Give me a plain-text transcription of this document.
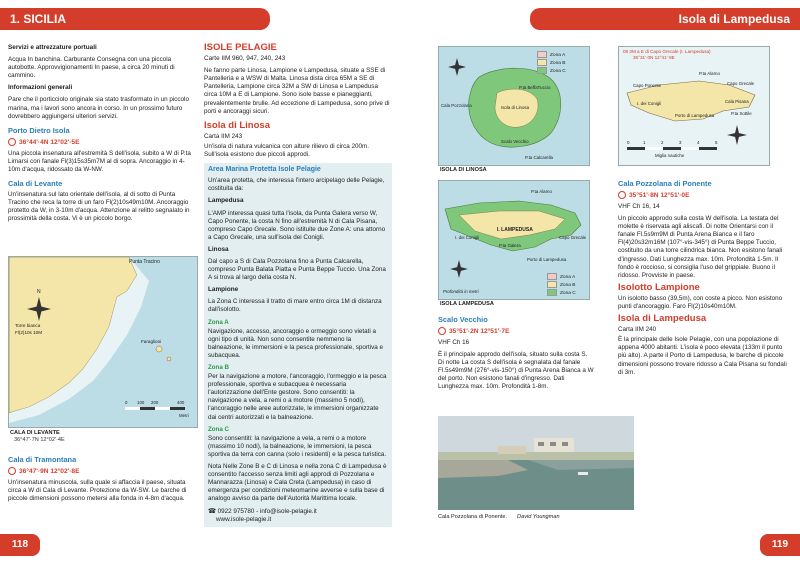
1. SICILIA

Servizi e attrezzature portuali

Acqua In banchina. Carburante Consegna con una piccola autobotte. Approvvigionamenti In paese, a circa 20 minuti di cammino.

Informazioni generali

Pare che il porticciolo originale sia stato trasformato in un piccolo marina, ma i lavori sono ancora in corso. In un prossimo futuro dovrebbero aggiungersi ulteriori servizi.

Porto Dietro Isola
36°44'·4N 12°02'·5E

Una piccola insenatura all'estremità S dell'isola, subito a W di P.ta Limarsi con fanale Fl(3)15s35m7M al di sopra. Ancoraggio in 4-10m d'acqua, ridossato da W-NW.

Cala di Levante

Un'insenatura sul lato orientale dell'isola, al di sotto di Punta Tracino che reca la torre di un faro Fl(2)10s49m10M. Ancoraggio protetto da W, in 3-10m d'acqua. Attenzione al relitto segnalato in prossimità della costa. Vi è un piccolo borgo.

N
Punta Tracino
Torre bianca
Fl(2)10s 10M
Faraglioni
0 100 200	400
Metri
CALA DI LEVANTE
36°47'·7N 12°02'·4E
Cala di Tramontana
36°47'·9N 12°02'·8E

Un'insenatura minuscola, sulla quale si affaccia il paese, situata circa a W di Cala di Levante. Protezione da W-SW. Le barche di piccole dimensioni possono metersi alla fonda in 4-8m d'acqua.

ISOLE PELAGIE

Carte IIM 960, 947, 240, 243

Ne fanno parte Linosa, Lampione e Lampedusa, situate a SSE di Pantelleria e a WSW di Malta. Linosa dista circa 65M a SE di Pantelleria, Lampione circa 32M a SW di Linosa e Lampedusa circa 10M a E di Lampione. Sono isole basse e pianeggianti, prevalentemente brulle. Ad eccezione di Lampedusa, sono prive di porti e ancoraggi sicuri.

Isola di Linosa

Carta IIM 243

Un'isola di natura vulcanica con alture rilievo di circa 200m. Sull'isola esistono due piccoli approdi.

Area Marina Protetta Isole Pelagie

Un'area protetta, che interessa l'intero arcipelago delle Pelagie, costituita da:

Lampedusa

L'AMP interessa quasi tutta l'isola, da Punta Galera verso W, Capo Ponente, la costa N fino all'estremità N di Cala Pisana, compreso Capo Grecale. Sono istituite due Zone A: una attorno a Capo Grecale, una sull'isola dei Conigli.

Linosa

Dal capo a S di Cala Pozzolana fino a Punta Calcarella, compreso Punta Balata Piatta e Punta Beppe Tuccio. Una Zona A si trova al largo della costa N.

Lampione

La Zona C interessa il tratto di mare entro circa 1M di distanza dall'isolotto.

Zona A

Navigazione, accesso, ancoraggio e ormeggio sono vietati a ogni tipo di unità. Non sono consentite nemmeno la balneazione, le immersioni e la pesca professionale, sportiva e subacquea.

Zona B

Per la navigazione a motore, l'ancoraggio, l'ormeggio e la pesca professionale, sportiva e subacquea è necessaria l'autorizzazione dell'Ente gestore. Sono consentiti: la navigazione a vela, a remi o a motore (massimo 5 nodi), l'ancoraggio nelle aree autorizzate, le immersioni organizzate dai centri autorizzati e la balneazione.

Zona C

Sono consentiti: la navigazione a vela, a remi o a motore (massimo 10 nodi), la balneazione, le immersioni, la pesca sportiva da terra con canna (solo i residenti) e la pesca turistica.

Nota Nelle Zone B e C di Linosa e nella zona C di Lampedusa è consentito l'accesso senza limiti agli approdi di Pozzolana e Mannarazza (Linosa) e Cala Creta (Lampedusa) in caso di emergenza per condizioni meteomarine avverse e sulla base di analogo avviso da parte dell'Autorità Marittima locale.

☎ 0922 975780 - info@isole-pelagie.it

www.isole-pelagie.it

118
Isola di Lampedusa
Zona A
Zona B
Zona C
Cala Pozzolana	Isola di Linosa
Scalo Vecchio
P.ta Calcarella
P.ta BeffaTuccio
ISOLA DI LINOSA
I. LAMPEDUSA
I. dei Conigli
P.ta Galera
Porto di Lampedusa
Capo Grecale
P.ta Alarno
Profondità in metri
Zona A
Zona B
Zona C
ISOLA LAMPEDUSA
Scalo Vecchio
35°51'·2N 12°51'·7E

VHF Ch 16

È il principale approdo dell'isola, situato sulla costa S. Di notte La costa S dell'isola è segnalata dal fanale Fl.5s49m9M (276°-vis-150°) di Punta Arena Bianca a W del porto. Non esistono fanali d'ingresso. Dati Lunghezza max. 10m. Profondità 1-8m.

08 3M a E di Capo Grecale (I. Lampedusa)
35°31'·0N 12°41'·8E
P.ta Alarno
Capo Grecale
Capo Ponente
I. dei Conigli
Porto di Lampedusa
Cala Pisana
P.ta Sottile
0	1	2	3	4	5
Miglia nautiche
Cala Pozzolana di Ponente
35°51'·8N 12°51'·0E

VHF Ch 16, 14

Un piccolo approdo sulla costa W dell'isola. La testata del molette è riservata agli aliscafi. Di notte Orientarsi con il fanale Fl.5s9m9M di Punta Arena Bianca e il faro Fl(4)20s32m16M (107°-vis-345°) di Punta Beppe Tuccio, costituito da una torre cilindrica bianca. Non esistono fanali d'ingresso. Dati Lunghezza max. 10m. Profondità 1-5m. Il fondo è roccioso, si consiglia l'uso del grippiale. Buono il ridosso. Provviste in paese.

Isolotto Lampione

Un isolotto basso (39,5m), con coste a picco. Non esistono punti d'ancoraggio. Faro Fl(2)10s40m10M.

Isola di Lampedusa

Carta IIM 240

È la principale delle Isole Pelagie, con una popolazione di appena 4000 abitanti. L'isola è poco elevata (133m il punto più alto). A parte il Porto di Lampedusa, le barche di piccole dimensioni possono trovare ridosso a Cala Pisana su fondali di 3m.

Cala Pozzolana di Ponente. David Youngman
119
